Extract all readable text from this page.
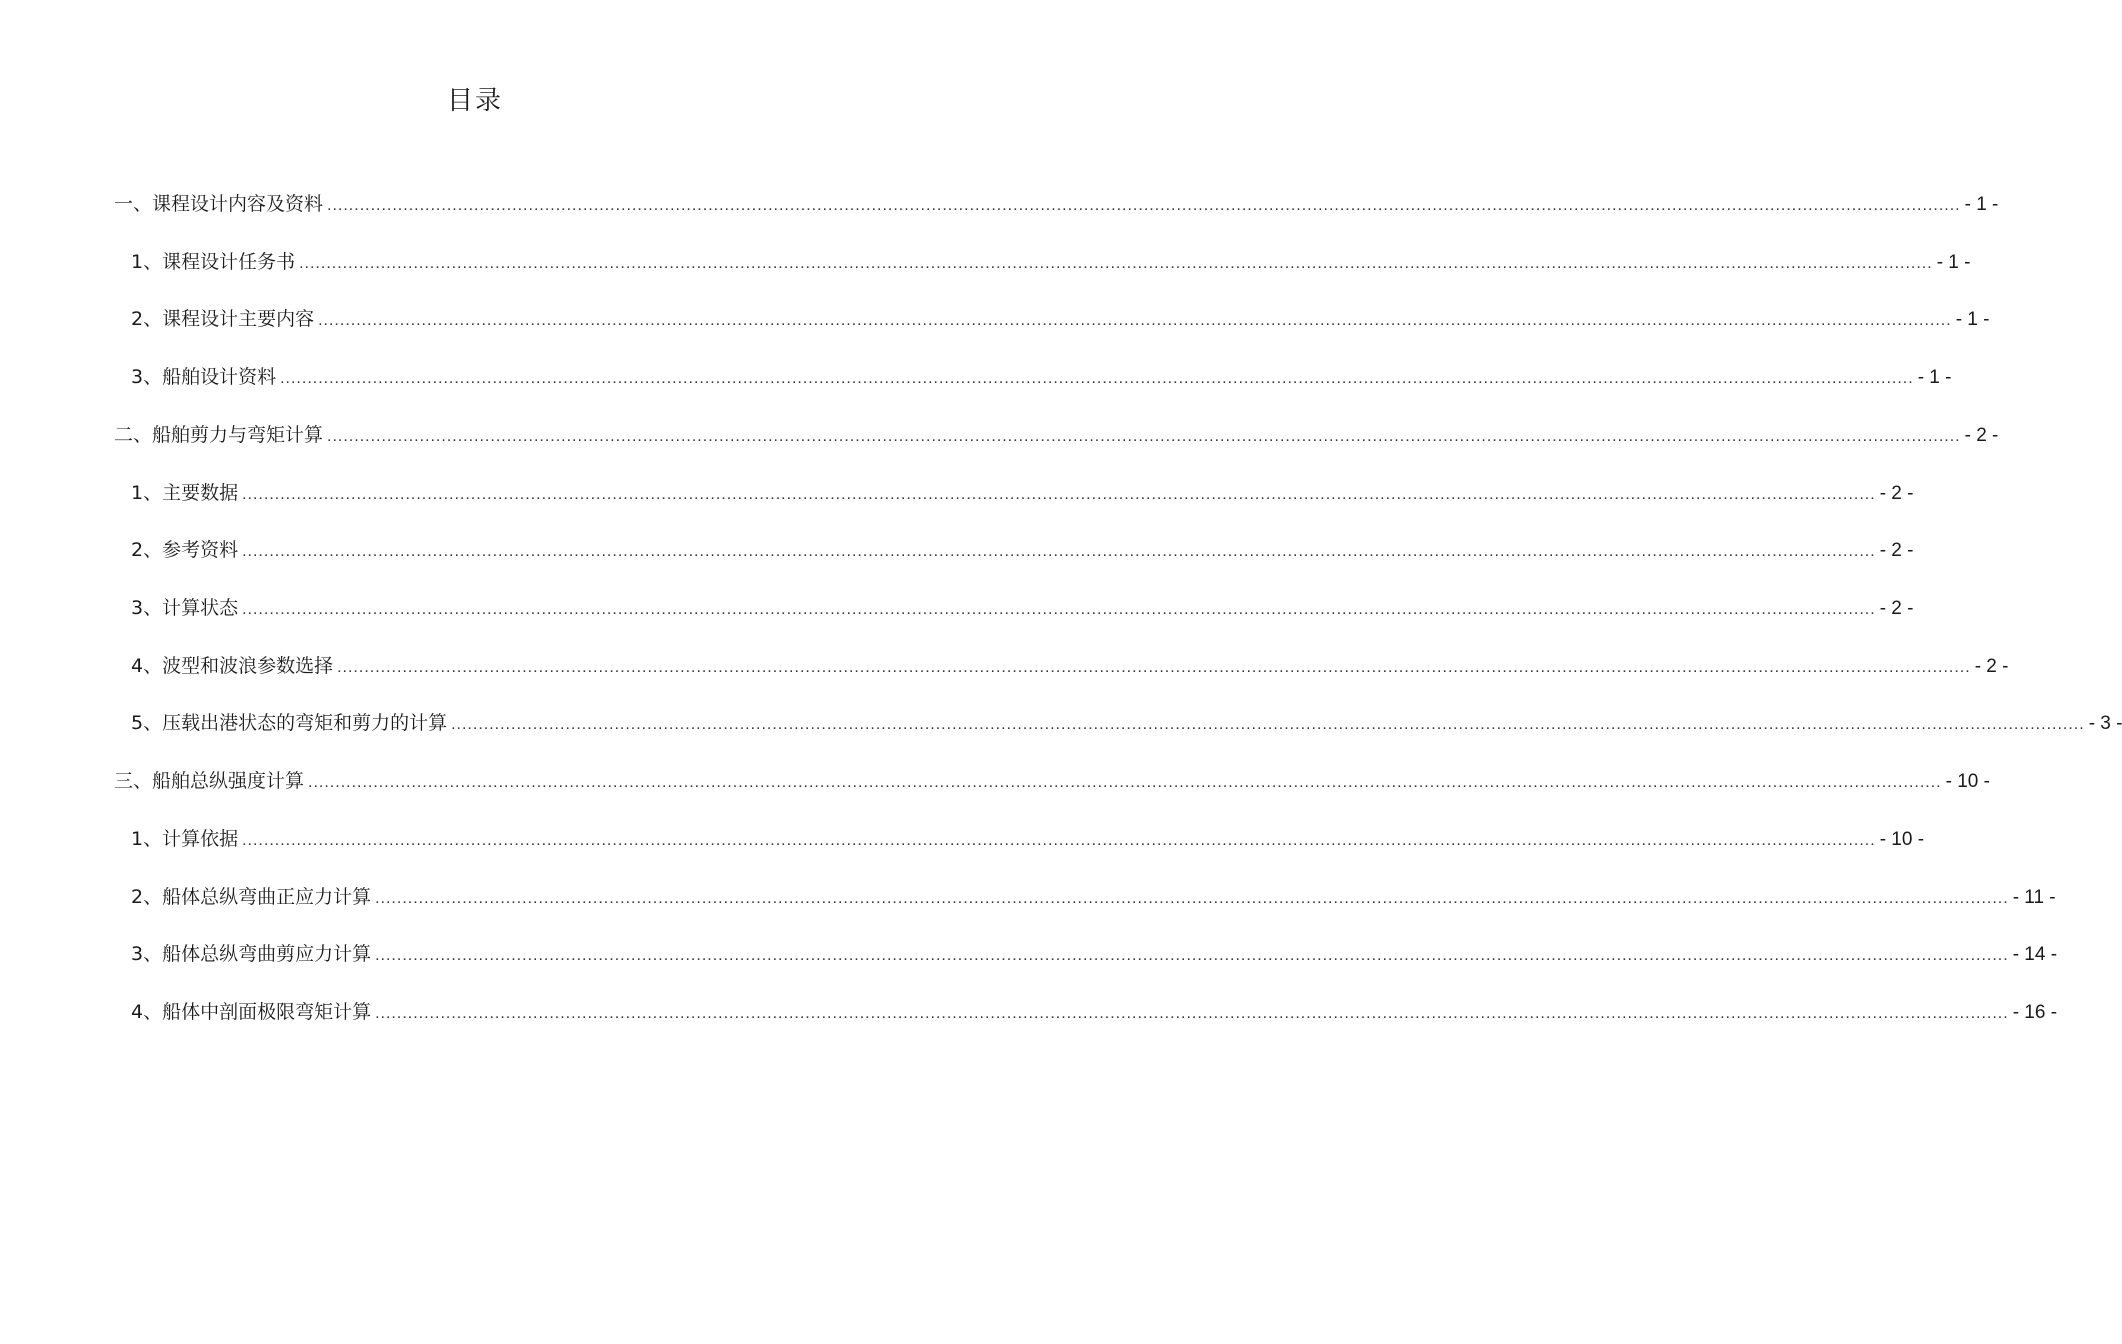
目录
一、课程设计内容及资料 ............................................................................................................................................................................................................................................................................................................ - 1 -
1、课程设计任务书 ............................................................................................................................................................................................................................................................................................................ - 1 -
2、课程设计主要内容 ............................................................................................................................................................................................................................................................................................................ - 1 -
3、船舶设计资料 ............................................................................................................................................................................................................................................................................................................ - 1 -
二、船舶剪力与弯矩计算 ............................................................................................................................................................................................................................................................................................................ - 2 -
1、主要数据 ............................................................................................................................................................................................................................................................................................................ - 2 -
2、参考资料 ............................................................................................................................................................................................................................................................................................................ - 2 -
3、计算状态 ............................................................................................................................................................................................................................................................................................................ - 2 -
4、波型和波浪参数选择 ............................................................................................................................................................................................................................................................................................................ - 2 -
5、压载出港状态的弯矩和剪力的计算 ............................................................................................................................................................................................................................................................................................................ - 3 -
三、船舶总纵强度计算 ............................................................................................................................................................................................................................................................................................................ - 10 -
1、计算依据 ............................................................................................................................................................................................................................................................................................................ - 10 -
2、船体总纵弯曲正应力计算 ............................................................................................................................................................................................................................................................................................................ - 11 -
3、船体总纵弯曲剪应力计算 ............................................................................................................................................................................................................................................................................................................ - 14 -
4、船体中剖面极限弯矩计算 ............................................................................................................................................................................................................................................................................................................ - 16 -
